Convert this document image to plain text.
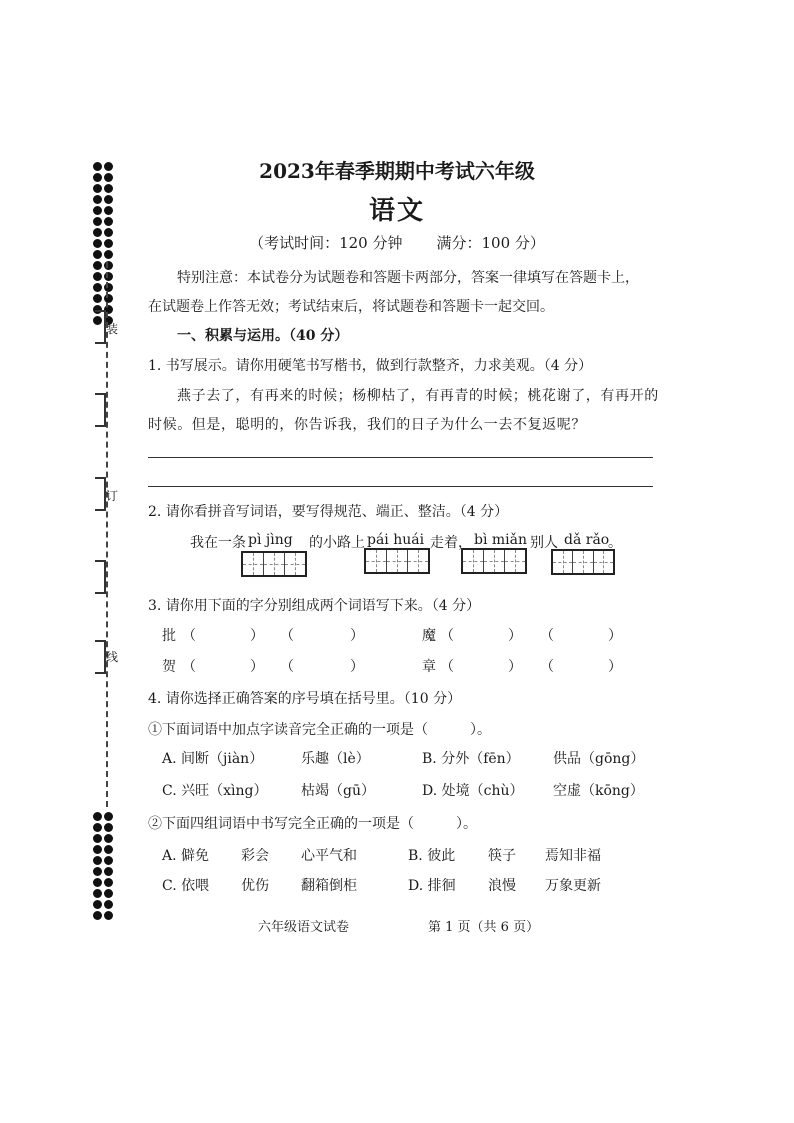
装
订
线
2023年春季期期中考试六年级
语文
（考试时间：120 分钟 满分：100 分）
特别注意：本试卷分为试题卷和答题卡两部分，答案一律填写在答题卡上，
在试题卷上作答无效；考试结束后，将试题卷和答题卡一起交回。
一、积累与运用。（40 分）
1. 书写展示。请你用硬笔书写楷书，做到行款整齐，力求美观。（4 分）
燕子去了，有再来的时候；杨柳枯了，有再青的时候；桃花谢了，有再开的
时候。但是，聪明的，你告诉我，我们的日子为什么一去不复返呢？
2. 请你看拼音写词语，要写得规范、端正、整洁。（4 分）
我在一条 pì jìng 的小路上 pái huái 走着， bì miǎn 别人 dǎ rǎo
。
3. 请你用下面的字分别组成两个词语写下来。（4 分）
批 （	） （	）	魔 （	） （	）
贺 （	） （	）	章 （	） （	）
4. 请你选择正确答案的序号填在括号里。（10 分）
①下面词语中加点字读音完全正确的一项是（　　　）。
A. 间断（jiàn）	乐趣（lè）	B. 分外（fēn） 供品（gōng）
C. 兴旺（xìng） 枯竭（gū）	D. 处境（chù） 空虚（kōng）
②下面四组词语中书写完全正确的一项是（　　　）。
A. 僻免 彩会 心平气和	B. 彼此 筷子 焉知非福
C. 依喂 优伤 翻箱倒柜	D. 排徊 浪慢 万象更新
六年级语文试卷	第 1 页（共 6 页）
